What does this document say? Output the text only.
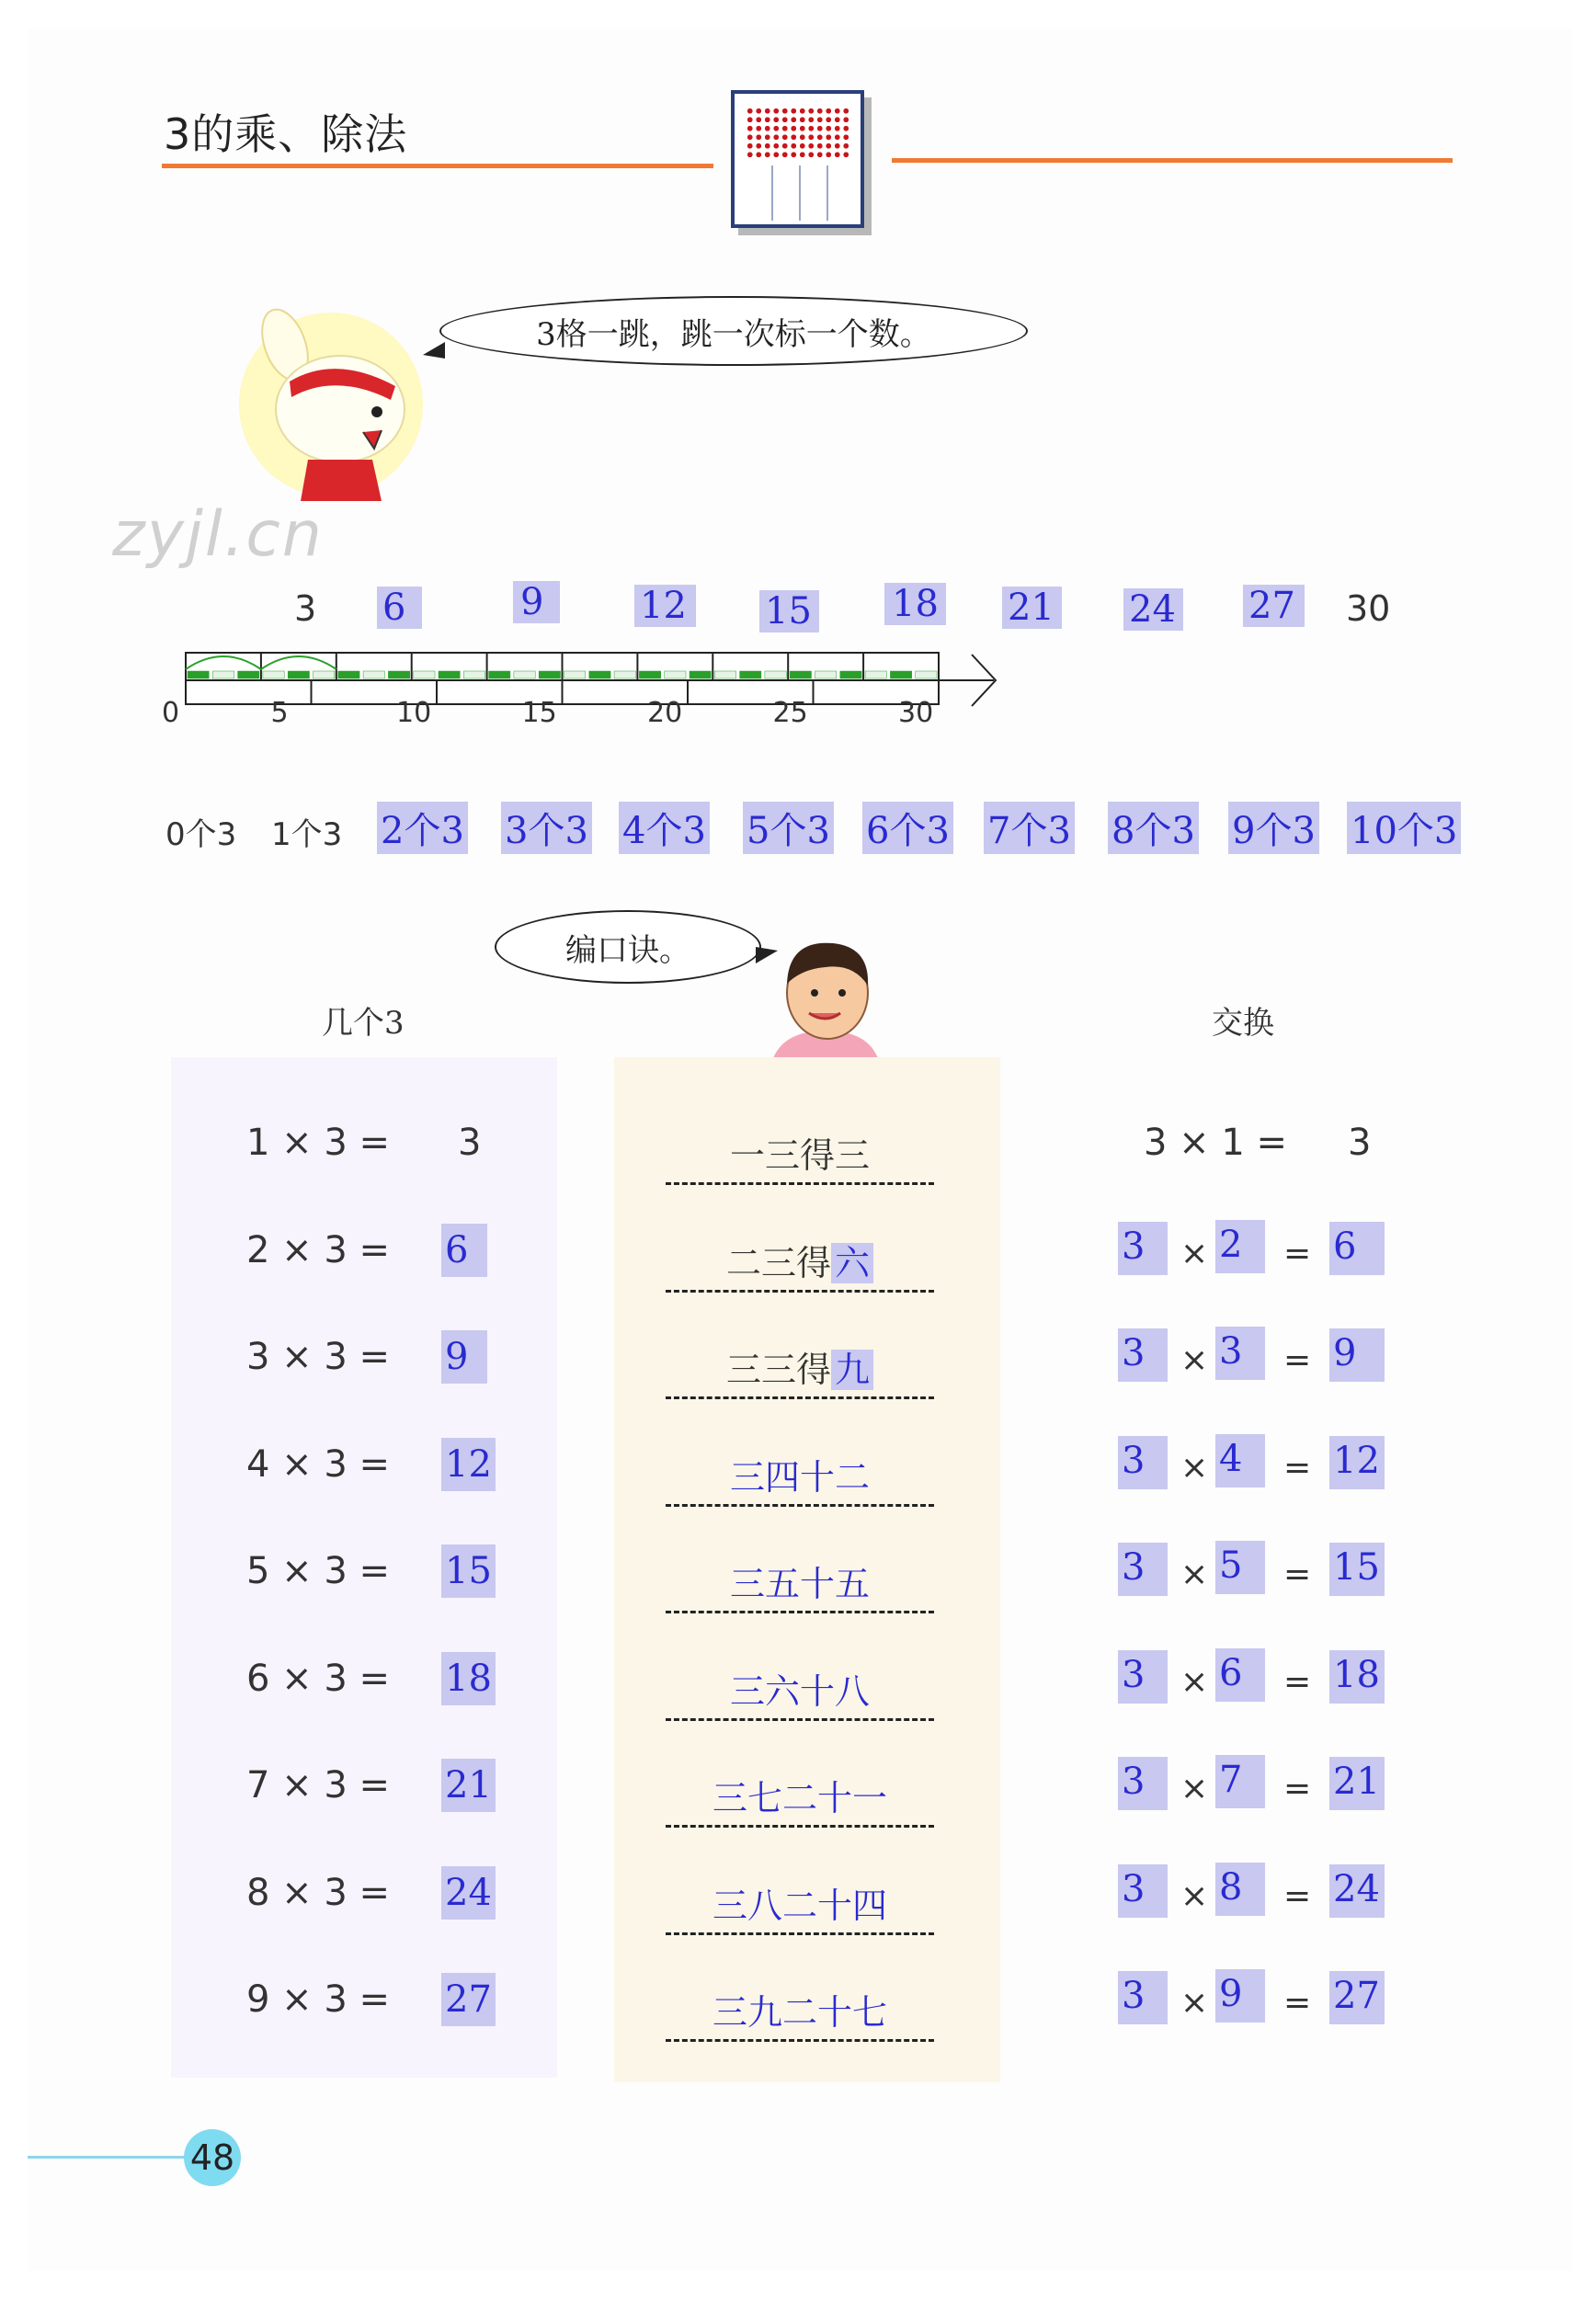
3的乘、除法
3格一跳，跳一次标一个数。
zyjl.cn
3 6	9	12 15 18 21 24 27 30
0	5	10	15	20	25	30
0个3 1个3 2个3 3个3 4个3 5个3 6个3 7个3 8个3 9个3 10个3
编口诀。
几个3	交换
1 × 3 = 3
2 × 3 = 6
3 × 3 = 9
4 × 3 = 12
5 × 3 = 15
6 × 3 = 18
7 × 3 = 21
8 × 3 = 24
9 × 3 = 27
一三得三
二三得 六
三三得 九
三四十二
三五十五
三六十八
三七二十一
三八二十四
三九二十七
3 × 1 = 3
3	× 2	= 6
3	× 3	= 9
3	× 4	= 12
3	× 5	= 15
3	× 6	= 18
3	× 7	= 21
3	× 8	= 24
3	× 9	= 27
48
